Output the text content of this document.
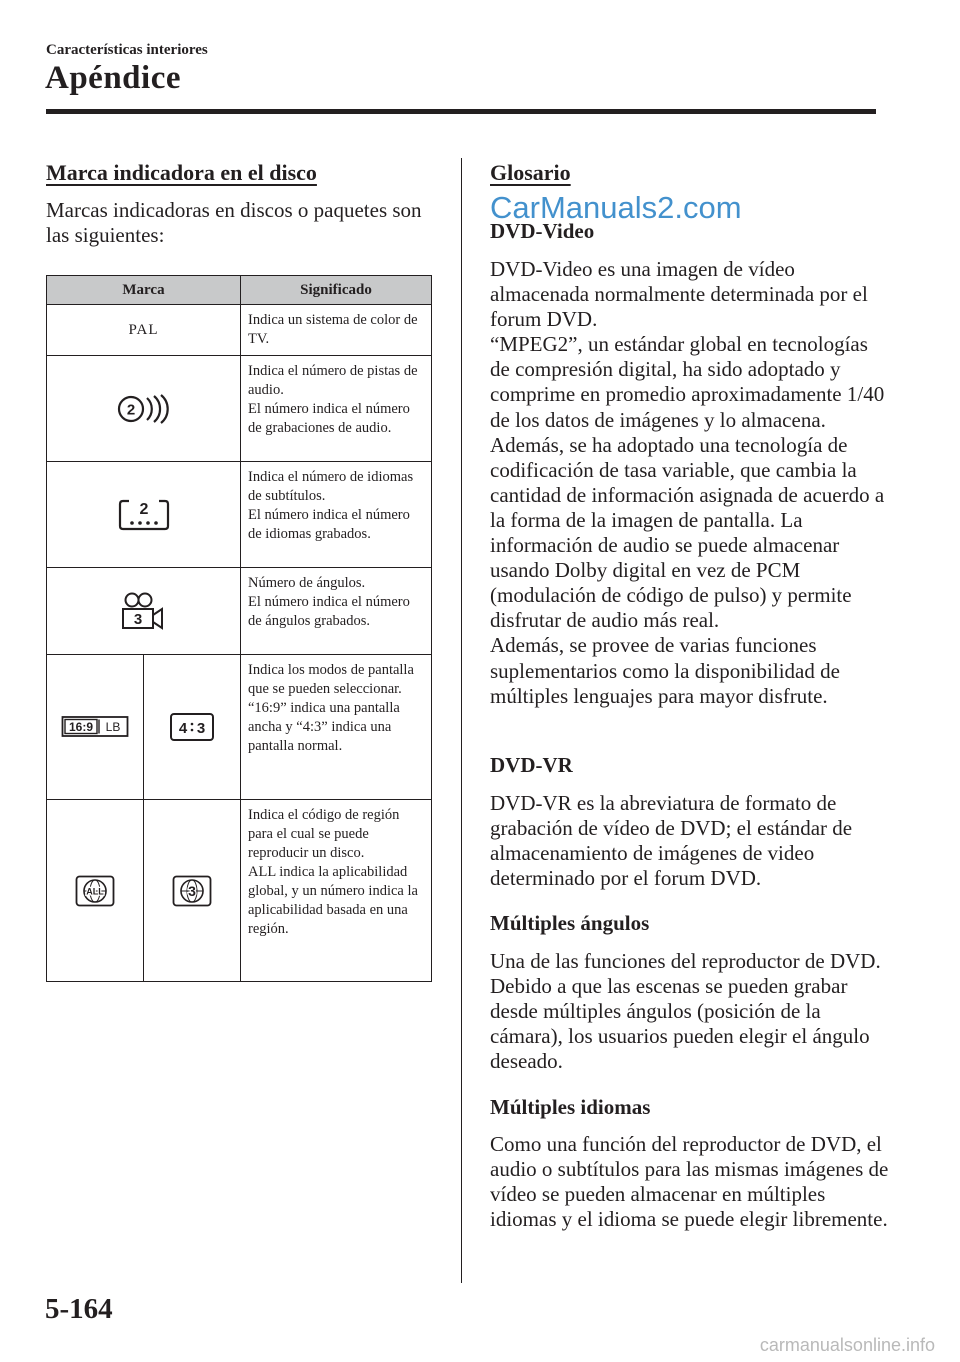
Características interiores
Apéndice
Marca indicadora en el disco
Marcas indicadoras en discos o paquetes son las siguientes:
Marca		Significado
PAL		Indica un sistema de color de TV.

2		Indica el número de pistas de audio.
El número indica el número de grabaciones de audio.

2		Indica el número de idiomas de subtítulos.
El número indica el número de idiomas grabados.

3		Número de ángulos.
El número indica el número de ángulos grabados.

16:9 LB	4 3	Indica los modos de pantalla que se pueden seleccionar.
“16:9” indica una pantalla ancha y “4:3” indica una pantalla normal.

ALL	3	Indica el código de región para el cual se puede reproducir un disco.
ALL indica la aplicabilidad global, y un número indica la aplicabilidad basada en una región.
Glosario
CarManuals2.com
DVD-Video
DVD-Video es una imagen de vídeo almacenada normalmente determinada por el forum DVD.
“MPEG2”, un estándar global en tecnologías de compresión digital, ha sido adoptado y comprime en promedio aproximadamente 1/40 de los datos de imágenes y lo almacena. Además, se ha adoptado una tecnología de codificación de tasa variable, que cambia la cantidad de información asignada de acuerdo a la forma de la imagen de pantalla. La información de audio se puede almacenar usando Dolby digital en vez de PCM (modulación de código de pulso) y permite disfrutar de audio más real.
Además, se provee de varias funciones suplementarios como la disponibilidad de múltiples lenguajes para mayor disfrute.
DVD-VR
DVD-VR es la abreviatura de formato de grabación de vídeo de DVD; el estándar de almacenamiento de imágenes de video determinado por el forum DVD.
Múltiples ángulos
Una de las funciones del reproductor de DVD. Debido a que las escenas se pueden grabar desde múltiples ángulos (posición de la cámara), los usuarios pueden elegir el ángulo deseado.
Múltiples idiomas
Como una función del reproductor de DVD, el audio o subtítulos para las mismas imágenes de vídeo se pueden almacenar en múltiples idiomas y el idioma se puede elegir libremente.
5-164
carmanualsonline.info
